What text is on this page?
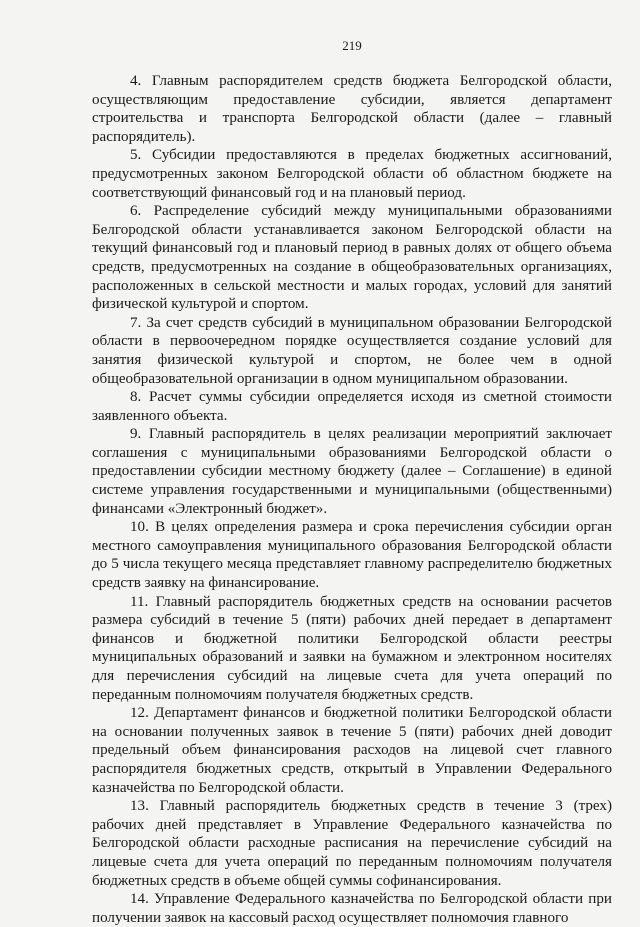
219

4. Главным распорядителем средств бюджета Белгородской области, осуществляющим предоставление субсидии, является департамент строительства и транспорта Белгородской области (далее – главный распорядитель).

5. Субсидии предоставляются в пределах бюджетных ассигнований, предусмотренных законом Белгородской области об областном бюджете на соответствующий финансовый год и на плановый период.

6. Распределение субсидий между муниципальными образованиями Белгородской области устанавливается законом Белгородской области на текущий финансовый год и плановый период в равных долях от общего объема средств, предусмотренных на создание в общеобразовательных организациях, расположенных в сельской местности и малых городах, условий для занятий физической культурой и спортом.

7. За счет средств субсидий в муниципальном образовании Белгородской области в первоочередном порядке осуществляется создание условий для занятия физической культурой и спортом, не более чем в одной общеобразовательной организации в одном муниципальном образовании.

8. Расчет суммы субсидии определяется исходя из сметной стоимости заявленного объекта.

9. Главный распорядитель в целях реализации мероприятий заключает соглашения с муниципальными образованиями Белгородской области о предоставлении субсидии местному бюджету (далее – Соглашение) в единой системе управления государственными и муниципальными (общественными) финансами «Электронный бюджет».

10. В целях определения размера и срока перечисления субсидии орган местного самоуправления муниципального образования Белгородской области до 5 числа текущего месяца представляет главному распределителю бюджетных средств заявку на финансирование.

11. Главный распорядитель бюджетных средств на основании расчетов размера субсидий в течение 5 (пяти) рабочих дней передает в департамент финансов и бюджетной политики Белгородской области реестры муниципальных образований и заявки на бумажном и электронном носителях для перечисления субсидий на лицевые счета для учета операций по переданным полномочиям получателя бюджетных средств.

12. Департамент финансов и бюджетной политики Белгородской области на основании полученных заявок в течение 5 (пяти) рабочих дней доводит предельный объем финансирования расходов на лицевой счет главного распорядителя бюджетных средств, открытый в Управлении Федерального казначейства по Белгородской области.

13. Главный распорядитель бюджетных средств в течение 3 (трех) рабочих дней представляет в Управление Федерального казначейства по Белгородской области расходные расписания на перечисление субсидий на лицевые счета для учета операций по переданным полномочиям получателя бюджетных средств в объеме общей суммы софинансирования.

14. Управление Федерального казначейства по Белгородской области при получении заявок на кассовый расход осуществляет полномочия главного
